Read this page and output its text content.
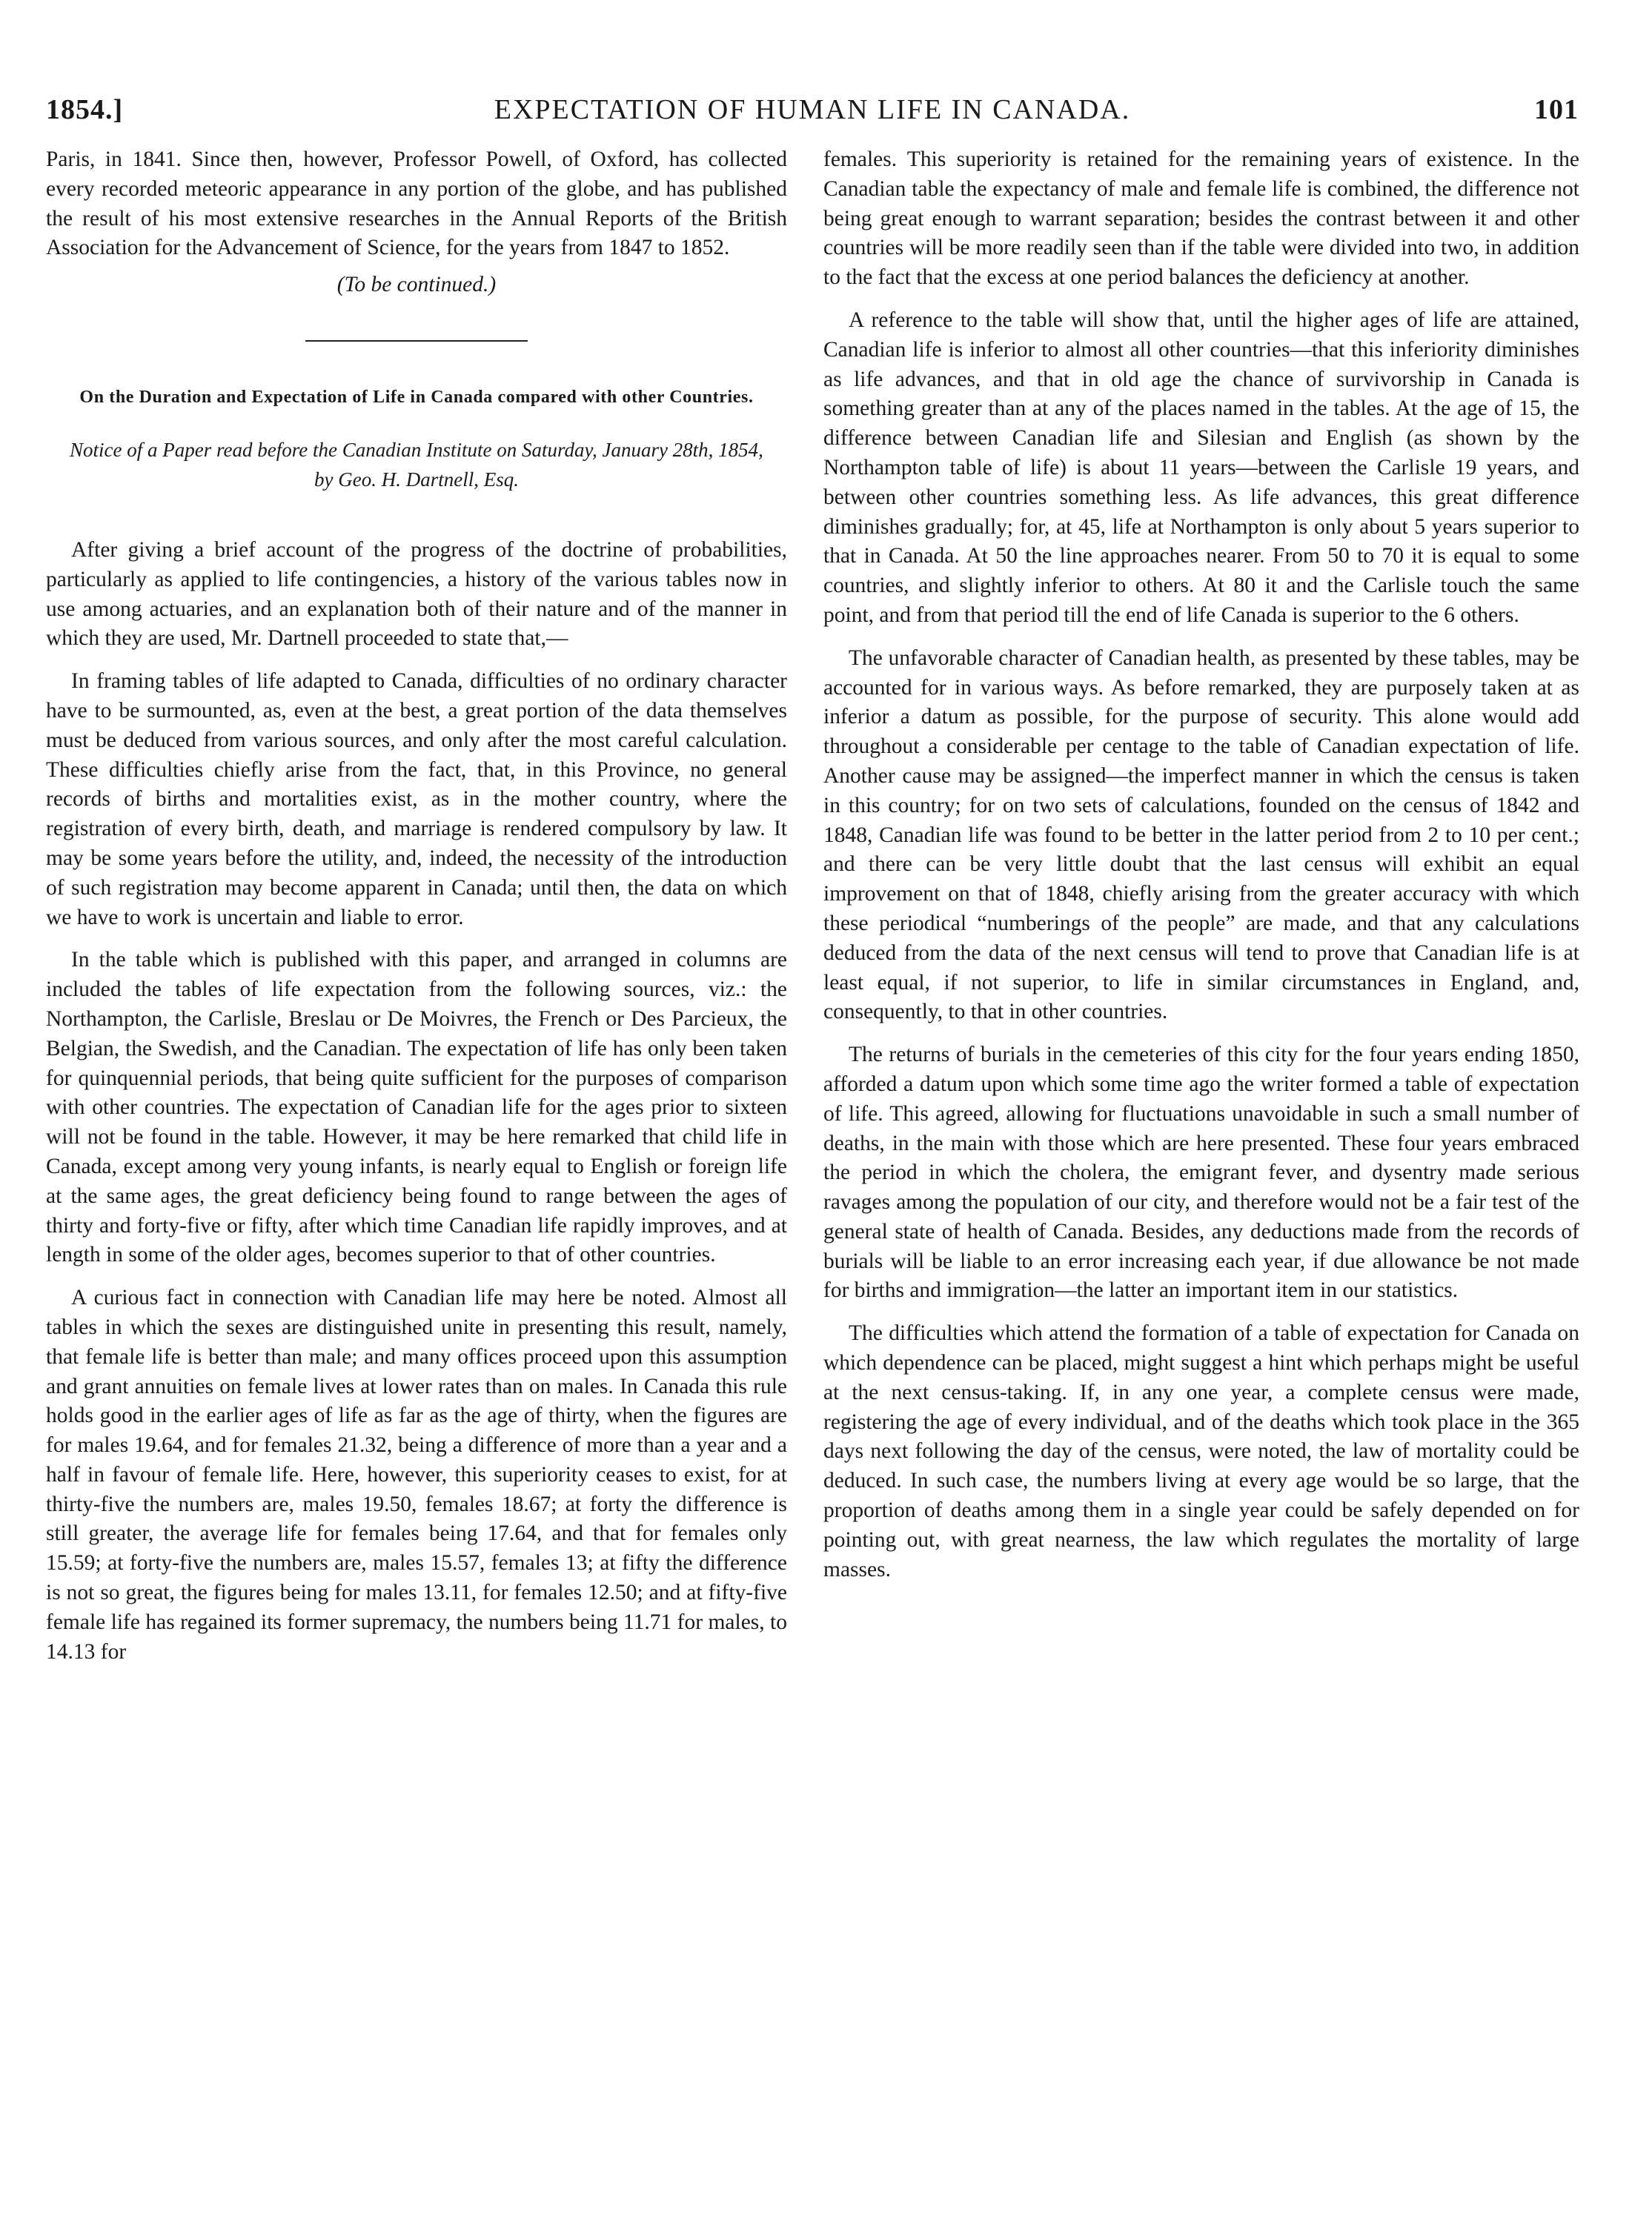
1854.]	EXPECTATION OF HUMAN LIFE IN CANADA.	101

Paris, in 1841. Since then, however, Professor Powell, of Oxford, has collected every recorded meteoric appearance in any portion of the globe, and has published the result of his most extensive researches in the Annual Reports of the British Association for the Advancement of Science, for the years from 1847 to 1852.

(To be continued.)

On the Duration and Expectation of Life in Canada compared with other Countries.

Notice of a Paper read before the Canadian Institute on Saturday, January 28th, 1854, by Geo. H. Dartnell, Esq.

After giving a brief account of the progress of the doctrine of probabilities, particularly as applied to life contingencies, a history of the various tables now in use among actuaries, and an explanation both of their nature and of the manner in which they are used, Mr. Dartnell proceeded to state that,—

In framing tables of life adapted to Canada, difficulties of no ordinary character have to be surmounted, as, even at the best, a great portion of the data themselves must be deduced from various sources, and only after the most careful calculation. These difficulties chiefly arise from the fact, that, in this Province, no general records of births and mortalities exist, as in the mother country, where the registration of every birth, death, and marriage is rendered compulsory by law. It may be some years before the utility, and, indeed, the necessity of the introduction of such registration may become apparent in Canada; until then, the data on which we have to work is uncertain and liable to error.

In the table which is published with this paper, and arranged in columns are included the tables of life expectation from the following sources, viz.: the Northampton, the Carlisle, Breslau or De Moivres, the French or Des Parcieux, the Belgian, the Swedish, and the Canadian. The expectation of life has only been taken for quinquennial periods, that being quite sufficient for the purposes of comparison with other countries. The expectation of Canadian life for the ages prior to sixteen will not be found in the table. However, it may be here remarked that child life in Canada, except among very young infants, is nearly equal to English or foreign life at the same ages, the great deficiency being found to range between the ages of thirty and forty-five or fifty, after which time Canadian life rapidly improves, and at length in some of the older ages, becomes superior to that of other countries.

A curious fact in connection with Canadian life may here be noted. Almost all tables in which the sexes are distinguished unite in presenting this result, namely, that female life is better than male; and many offices proceed upon this assumption and grant annuities on female lives at lower rates than on males. In Canada this rule holds good in the earlier ages of life as far as the age of thirty, when the figures are for males 19.64, and for females 21.32, being a difference of more than a year and a half in favour of female life. Here, however, this superiority ceases to exist, for at thirty-five the numbers are, males 19.50, females 18.67; at forty the difference is still greater, the average life for females being 17.64, and that for females only 15.59; at forty-five the numbers are, males 15.57, females 13; at fifty the difference is not so great, the figures being for males 13.11, for females 12.50; and at fifty-five female life has regained its former supremacy, the numbers being 11.71 for males, to 14.13 for

females. This superiority is retained for the remaining years of existence. In the Canadian table the expectancy of male and female life is combined, the difference not being great enough to warrant separation; besides the contrast between it and other countries will be more readily seen than if the table were divided into two, in addition to the fact that the excess at one period balances the deficiency at another.

A reference to the table will show that, until the higher ages of life are attained, Canadian life is inferior to almost all other countries—that this inferiority diminishes as life advances, and that in old age the chance of survivorship in Canada is something greater than at any of the places named in the tables. At the age of 15, the difference between Canadian life and Silesian and English (as shown by the Northampton table of life) is about 11 years—between the Carlisle 19 years, and between other countries something less. As life advances, this great difference diminishes gradually; for, at 45, life at Northampton is only about 5 years superior to that in Canada. At 50 the line approaches nearer. From 50 to 70 it is equal to some countries, and slightly inferior to others. At 80 it and the Carlisle touch the same point, and from that period till the end of life Canada is superior to the 6 others.

The unfavorable character of Canadian health, as presented by these tables, may be accounted for in various ways. As before remarked, they are purposely taken at as inferior a datum as possible, for the purpose of security. This alone would add throughout a considerable per centage to the table of Canadian expectation of life. Another cause may be assigned—the imperfect manner in which the census is taken in this country; for on two sets of calculations, founded on the census of 1842 and 1848, Canadian life was found to be better in the latter period from 2 to 10 per cent.; and there can be very little doubt that the last census will exhibit an equal improvement on that of 1848, chiefly arising from the greater accuracy with which these periodical “numberings of the people” are made, and that any calculations deduced from the data of the next census will tend to prove that Canadian life is at least equal, if not superior, to life in similar circumstances in England, and, consequently, to that in other countries.

The returns of burials in the cemeteries of this city for the four years ending 1850, afforded a datum upon which some time ago the writer formed a table of expectation of life. This agreed, allowing for fluctuations unavoidable in such a small number of deaths, in the main with those which are here presented. These four years embraced the period in which the cholera, the emigrant fever, and dysentry made serious ravages among the population of our city, and therefore would not be a fair test of the general state of health of Canada. Besides, any deductions made from the records of burials will be liable to an error increasing each year, if due allowance be not made for births and immigration—the latter an important item in our statistics.

The difficulties which attend the formation of a table of expectation for Canada on which dependence can be placed, might suggest a hint which perhaps might be useful at the next census-taking. If, in any one year, a complete census were made, registering the age of every individual, and of the deaths which took place in the 365 days next following the day of the census, were noted, the law of mortality could be deduced. In such case, the numbers living at every age would be so large, that the proportion of deaths among them in a single year could be safely depended on for pointing out, with great nearness, the law which regulates the mortality of large masses.
